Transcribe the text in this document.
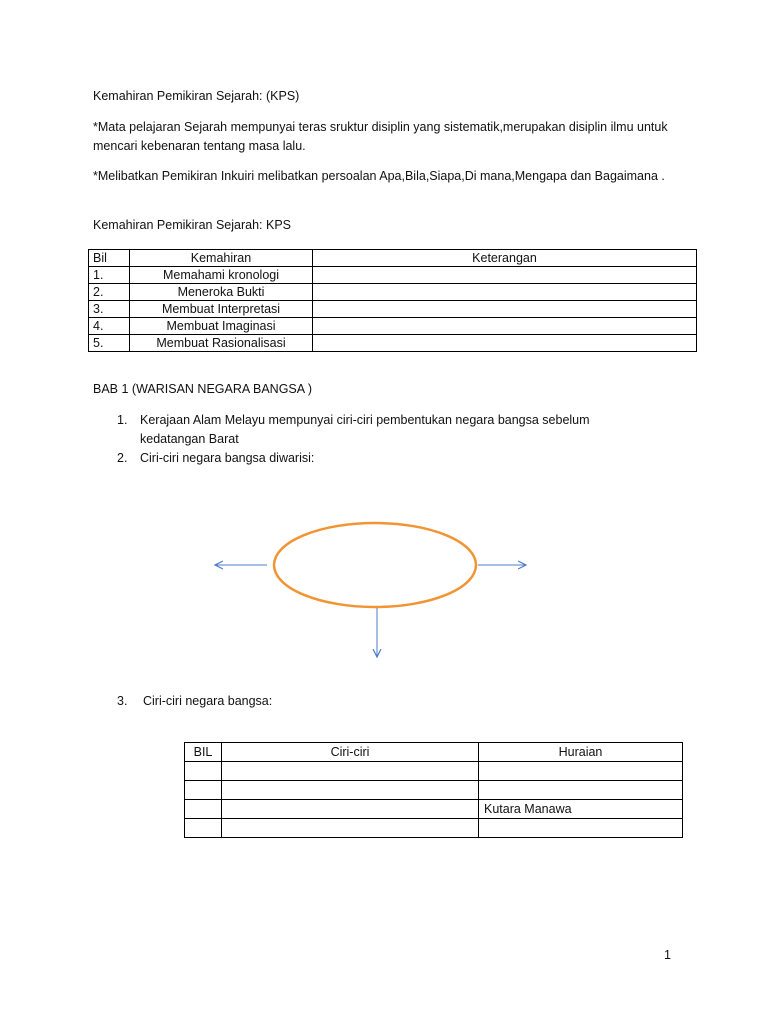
Kemahiran Pemikiran Sejarah: (KPS)

*Mata pelajaran Sejarah mempunyai teras sruktur disiplin yang sistematik,merupakan disiplin ilmu untuk mencari kebenaran tentang masa lalu.

*Melibatkan Pemikiran Inkuiri melibatkan persoalan Apa,Bila,Siapa,Di mana,Mengapa dan Bagaimana .

Kemahiran Pemikiran Sejarah: KPS

Bil	Kemahiran	Keterangan
1.	Memahami kronologi	
2.	Meneroka Bukti	
3.	Membuat Interpretasi	
4.	Membuat Imaginasi	
5.	Membuat Rasionalisasi	

BAB 1 (WARISAN NEGARA BANGSA )

1. Kerajaan Alam Melayu mempunyai ciri-ciri pembentukan negara bangsa sebelum kedatangan Barat
2. Ciri-ciri negara bangsa diwarisi:
3. Ciri-ciri negara bangsa:
BIL	Ciri-ciri	Huraian

		Kutara Manawa

1
